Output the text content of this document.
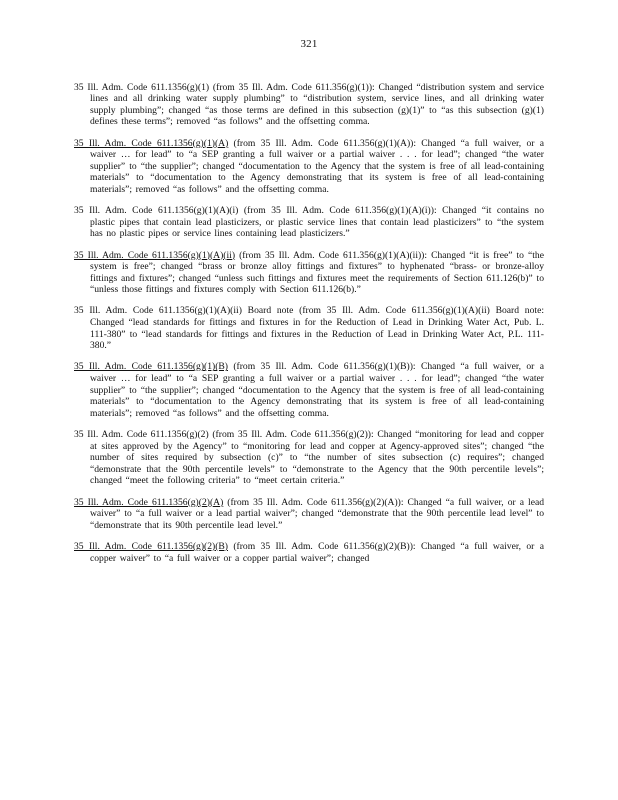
321

35 Ill. Adm. Code 611.1356(g)(1) (from 35 Ill. Adm. Code 611.356(g)(1)): Changed “distribution system and service lines and all drinking water supply plumbing” to “distribution system, service lines, and all drinking water supply plumbing”; changed “as those terms are defined in this subsection (g)(1)” to “as this subsection (g)(1) defines these terms”; removed “as follows” and the offsetting comma.

35 Ill. Adm. Code 611.1356(g)(1)(A) (from 35 Ill. Adm. Code 611.356(g)(1)(A)): Changed “a full waiver, or a waiver … for lead” to “a SEP granting a full waiver or a partial waiver . . . for lead”; changed “the water supplier” to “the supplier”; changed “documentation to the Agency that the system is free of all lead-containing materials” to “documentation to the Agency demonstrating that its system is free of all lead-containing materials”; removed “as follows” and the offsetting comma.

35 Ill. Adm. Code 611.1356(g)(1)(A)(i) (from 35 Ill. Adm. Code 611.356(g)(1)(A)(i)): Changed “it contains no plastic pipes that contain lead plasticizers, or plastic service lines that contain lead plasticizers” to “the system has no plastic pipes or service lines containing lead plasticizers.”

35 Ill. Adm. Code 611.1356(g)(1)(A)(ii) (from 35 Ill. Adm. Code 611.356(g)(1)(A)(ii)): Changed “it is free” to “the system is free”; changed “brass or bronze alloy fittings and fixtures” to hyphenated “brass- or bronze-alloy fittings and fixtures”; changed “unless such fittings and fixtures meet the requirements of Section 611.126(b)” to “unless those fittings and fixtures comply with Section 611.126(b).”

35 Ill. Adm. Code 611.1356(g)(1)(A)(ii) Board note (from 35 Ill. Adm. Code 611.356(g)(1)(A)(ii) Board note: Changed “lead standards for fittings and fixtures in for the Reduction of Lead in Drinking Water Act, Pub. L. 111-380” to “lead standards for fittings and fixtures in the Reduction of Lead in Drinking Water Act, P.L. 111-380.”

35 Ill. Adm. Code 611.1356(g)(1)(B) (from 35 Ill. Adm. Code 611.356(g)(1)(B)): Changed “a full waiver, or a waiver … for lead” to “a SEP granting a full waiver or a partial waiver . . . for lead”; changed “the water supplier” to “the supplier”; changed “documentation to the Agency that the system is free of all lead-containing materials” to “documentation to the Agency demonstrating that its system is free of all lead-containing materials”; removed “as follows” and the offsetting comma.

35 Ill. Adm. Code 611.1356(g)(2) (from 35 Ill. Adm. Code 611.356(g)(2)): Changed “monitoring for lead and copper at sites approved by the Agency” to “monitoring for lead and copper at Agency-approved sites”; changed “the number of sites required by subsection (c)” to “the number of sites subsection (c) requires”; changed “demonstrate that the 90th percentile levels” to “demonstrate to the Agency that the 90th percentile levels”; changed “meet the following criteria” to “meet certain criteria.”

35 Ill. Adm. Code 611.1356(g)(2)(A) (from 35 Ill. Adm. Code 611.356(g)(2)(A)): Changed “a full waiver, or a lead waiver” to “a full waiver or a lead partial waiver”; changed “demonstrate that the 90th percentile lead level” to “demonstrate that its 90th percentile lead level.”

35 Ill. Adm. Code 611.1356(g)(2)(B) (from 35 Ill. Adm. Code 611.356(g)(2)(B)): Changed “a full waiver, or a copper waiver” to “a full waiver or a copper partial waiver”; changed
